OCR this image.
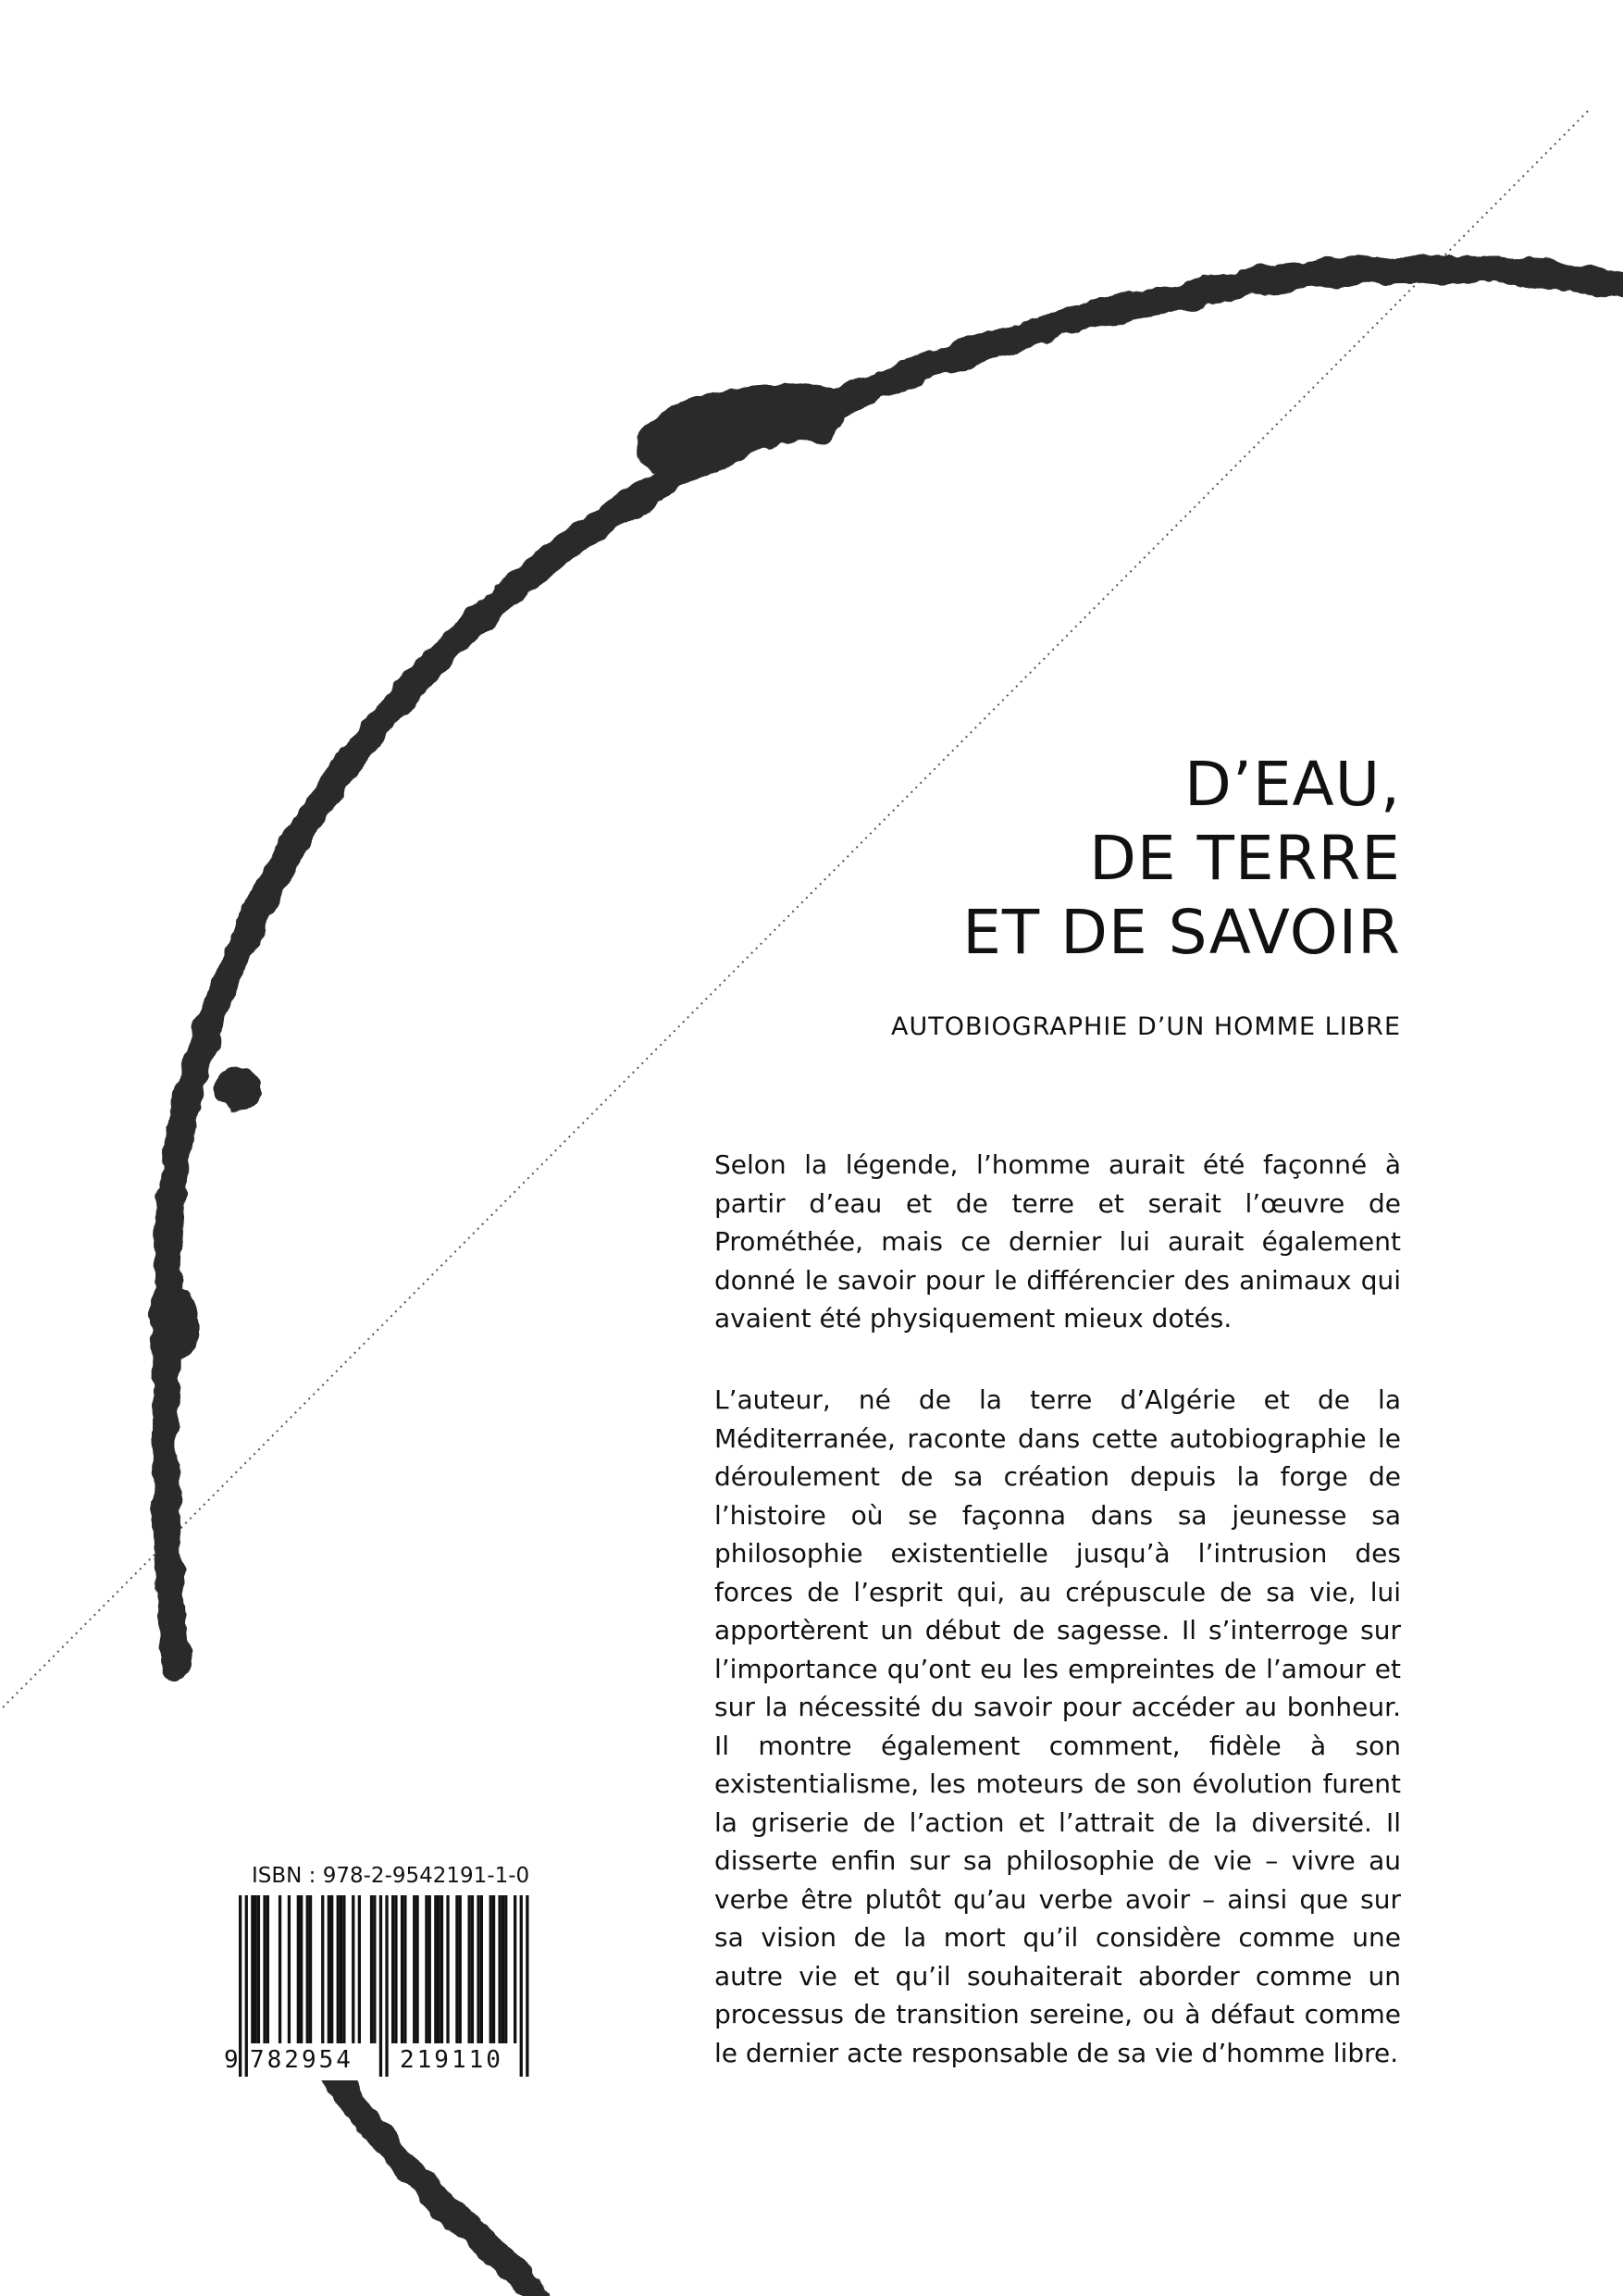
D’EAU,
DE TERRE
ET DE SAVOIR
AUTOBIOGRAPHIE D’UN HOMME LIBRE
Selon la légende, l’homme aurait été façonné à partir d’eau et de terre et serait l’œuvre de Prométhée, mais ce dernier lui aurait également donné le savoir pour le différencier des animaux qui avaient été physiquement mieux dotés.
L’auteur, né de la terre d’Algérie et de la Méditerranée, raconte dans cette autobiographie le déroulement de sa création depuis la forge de l’histoire où se façonna dans sa jeunesse sa philosophie existentielle jusqu’à l’intrusion des forces de l’esprit qui, au crépuscule de sa vie, lui apportèrent un début de sagesse. Il s’interroge sur l’importance qu’ont eu les empreintes de l’amour et sur la nécessité du savoir pour accéder au bonheur. Il montre également comment, fidèle à son existentialisme, les moteurs de son évolution furent la griserie de l’action et l’attrait de la diversité. Il disserte enfin sur sa philosophie de vie – vivre au verbe être plutôt qu’au verbe avoir – ainsi que sur sa vision de la mort qu’il considère comme une autre vie et qu’il souhaiterait aborder comme un processus de transition sereine, ou à défaut comme le dernier acte responsable de sa vie d’homme libre.
ISBN : 978-2-9542191-1-0
9 782954 219110
